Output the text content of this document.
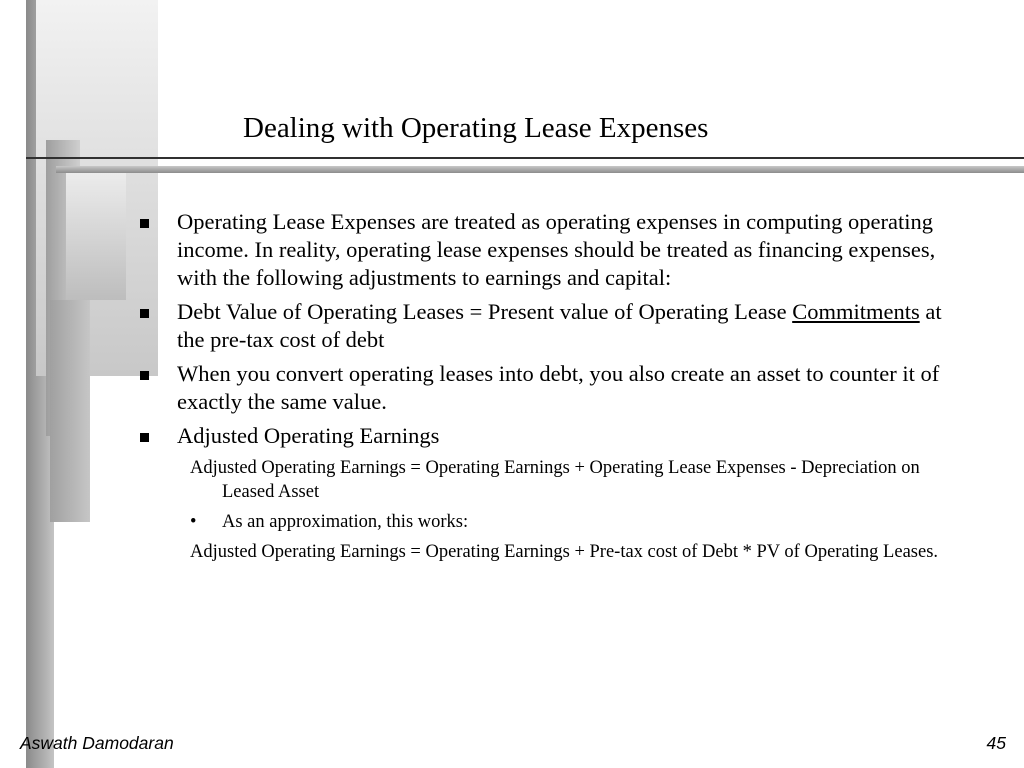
Dealing with Operating Lease Expenses
Operating Lease Expenses are treated as operating expenses in computing operating income. In reality, operating lease expenses should be treated as financing expenses, with the following adjustments to earnings and capital:
Debt Value of Operating Leases = Present value of Operating Lease Commitments at the pre-tax cost of debt
When you convert operating leases into debt, you also create an asset to counter it of exactly the same value.
Adjusted Operating Earnings
Adjusted Operating Earnings = Operating Earnings + Operating Lease Expenses - Depreciation on Leased Asset
• As an approximation, this works:
Adjusted Operating Earnings = Operating Earnings + Pre-tax cost of Debt * PV of Operating Leases.
Aswath Damodaran	45
